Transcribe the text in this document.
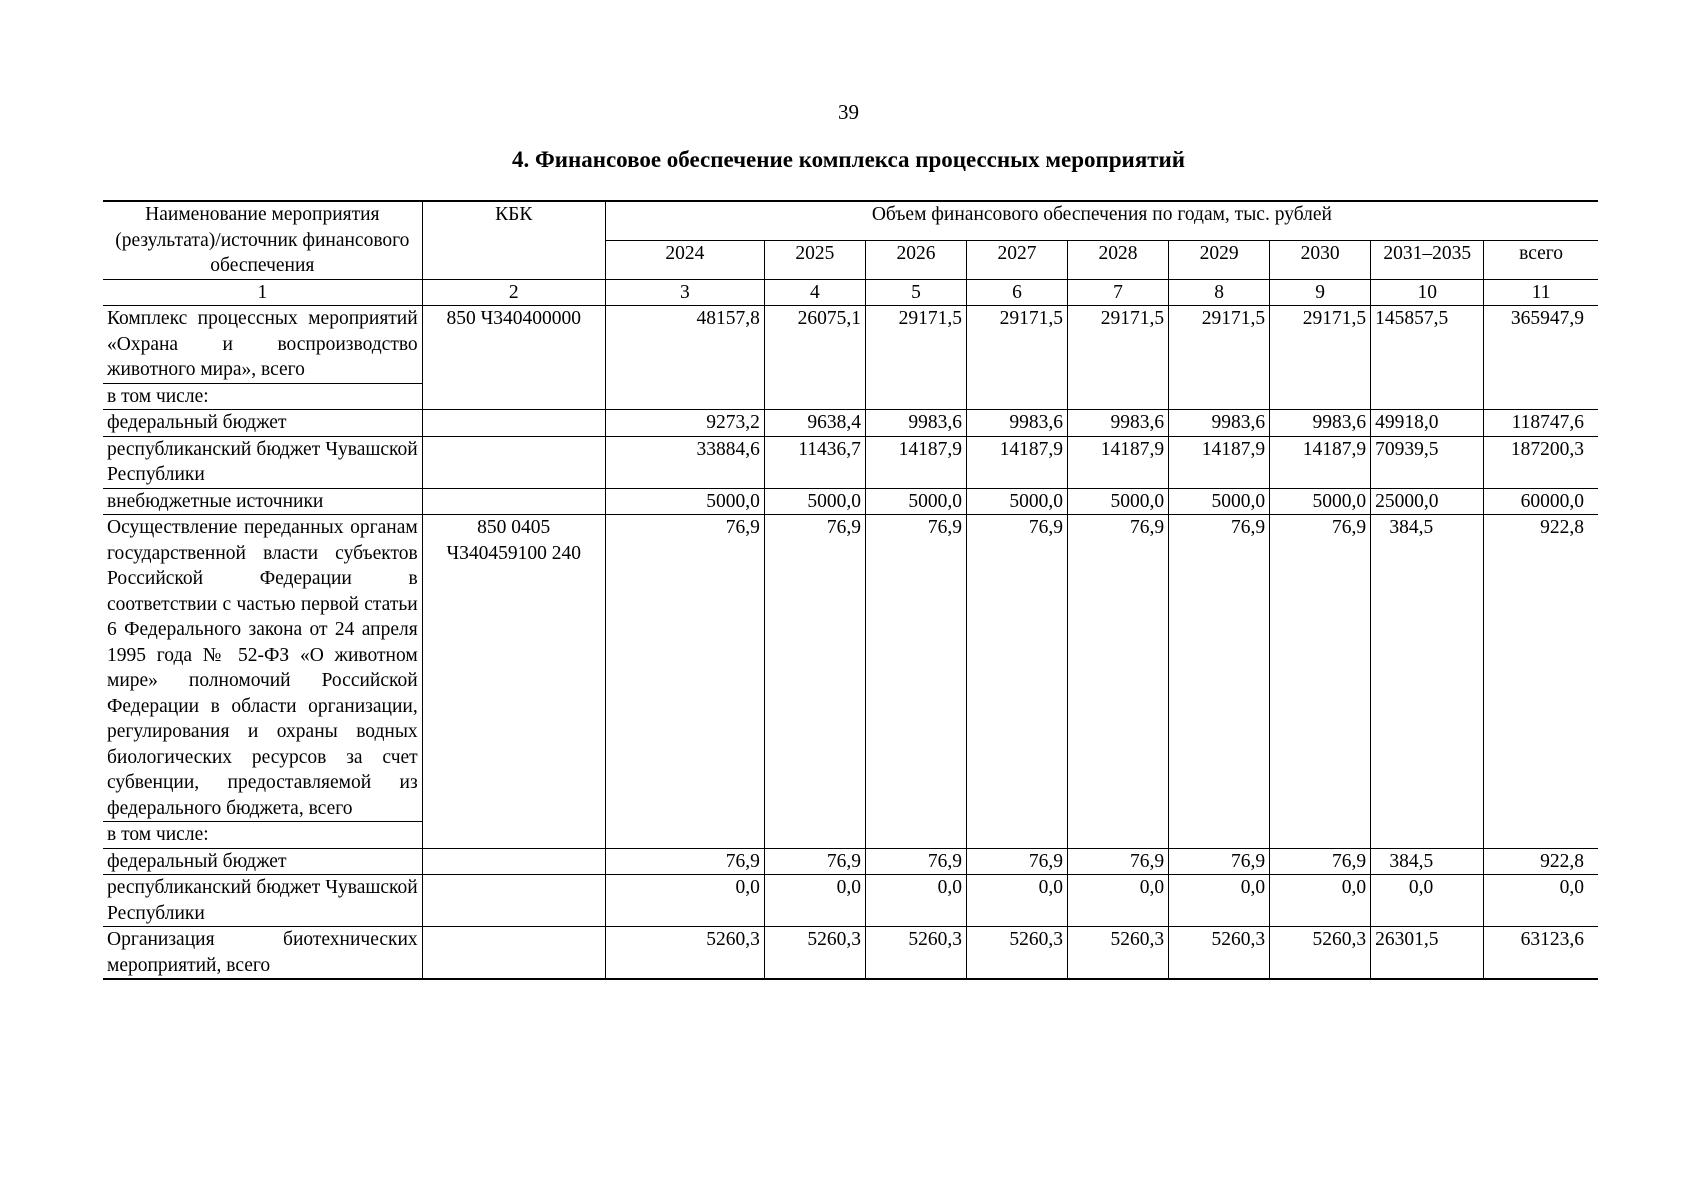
39
4. Финансовое обеспечение комплекса процессных мероприятий
Наименование мероприятия (результата)/источник финансового обеспечения	КБК	Объем финансового обеспечения по годам, тыс. рублей								
		2024	2025	2026	2027	2028	2029	2030	2031–2035	всего
1	2	3	4	5	6	7	8	9	10	11
Комплекс процессных мероприятий «Охрана и воспроизводство животного мира», всего	850 Ч340400000	48157,8	26075,1	29171,5	29171,5	29171,5	29171,5	29171,5	145857,5	365947,9
в том числе:										
федеральный бюджет		9273,2	9638,4	9983,6	9983,6	9983,6	9983,6	9983,6	49918,0	118747,6
республиканский бюджет Чувашской Республики		33884,6	11436,7	14187,9	14187,9	14187,9	14187,9	14187,9	70939,5	187200,3
внебюджетные источники		5000,0	5000,0	5000,0	5000,0	5000,0	5000,0	5000,0	25000,0	60000,0
Осуществление переданных органам государственной власти субъектов Российской Федерации в соответствии с частью первой статьи 6 Федерального закона от 24 апреля 1995 года № 52-ФЗ «О животном мире» полномочий Российской Федерации в области организации, регулирования и охраны водных биологических ресурсов за счет субвенции, предоставляемой из федерального бюджета, всего	850 0405 Ч340459100 240	76,9	76,9	76,9	76,9	76,9	76,9	76,9	384,5	922,8
в том числе:										
федеральный бюджет		76,9	76,9	76,9	76,9	76,9	76,9	76,9	384,5	922,8
республиканский бюджет Чувашской Республики		0,0	0,0	0,0	0,0	0,0	0,0	0,0	0,0	0,0
Организация биотехнических мероприятий, всего		5260,3	5260,3	5260,3	5260,3	5260,3	5260,3	5260,3	26301,5	63123,6
